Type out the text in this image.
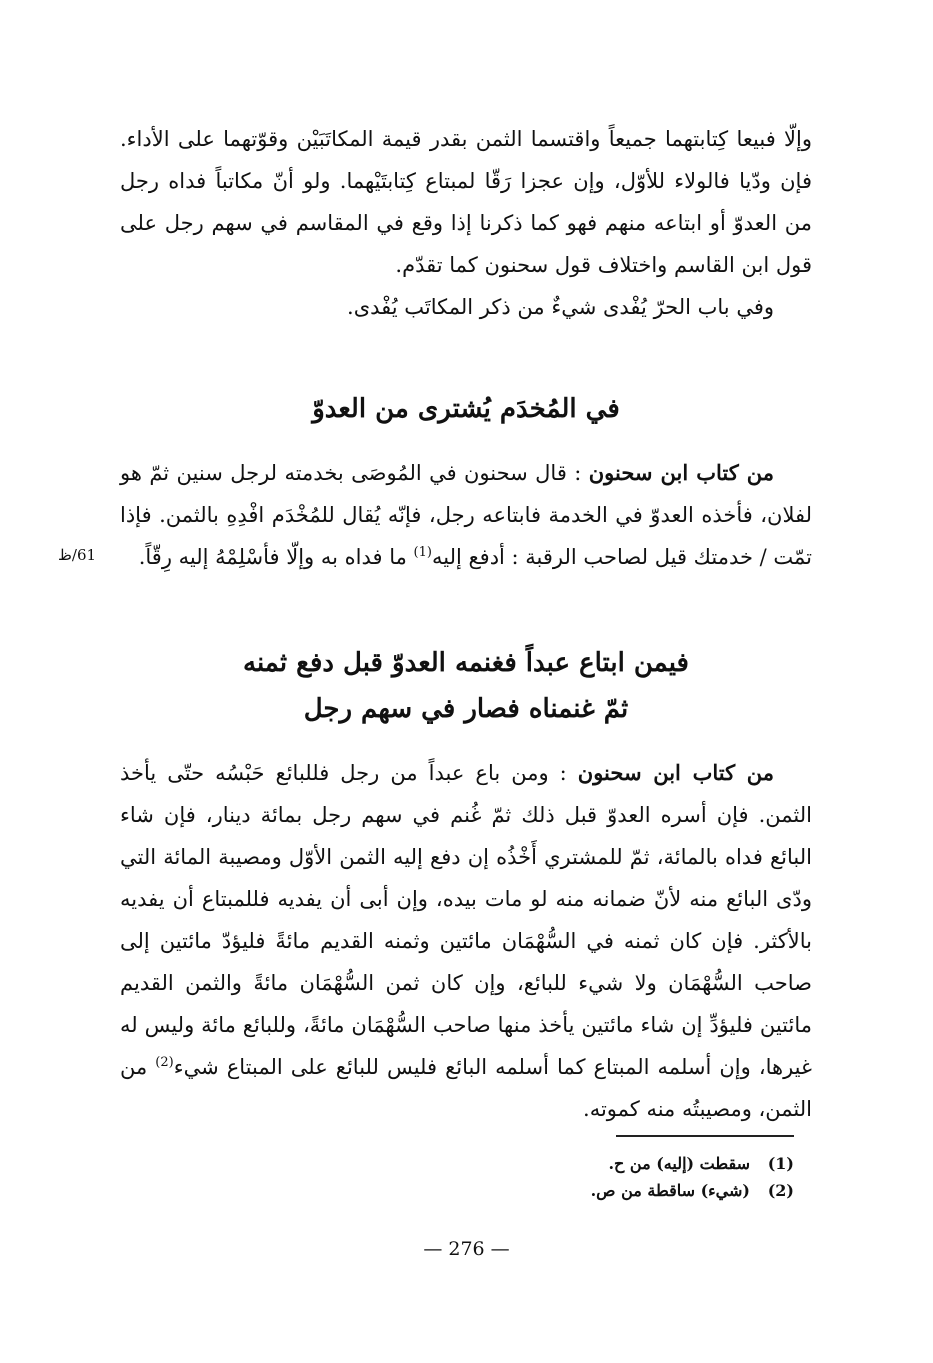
وإلّا فبيعا كِتابتهما جميعاً واقتسما الثمن بقدر قيمة المكاتَبَيْن وقوّتهما على الأداء. فإن ودّيا فالولاء للأوّل، وإن عجزا رَقّا لمبتاع كِتابتَيْهما. ولو أنّ مكاتباً فداه رجل من العدوّ أو ابتاعه منهم فهو كما ذكرنا إذا وقع في المقاسم في سهم رجل على قول ابن القاسم واختلاف قول سحنون كما تقدّم.

وفي باب الحرّ يُفْدى شيءٌ من ذكر المكاتَب يُفْدى.

في المُخدَم يُشترى من العدوّ

من كتاب ابن سحنون : قال سحنون في المُوصَى بخدمته لرجل سنين ثمّ هو لفلان، فأخذه العدوّ في الخدمة فابتاعه رجل، فإنّه يُقال للمُخْدَم افْدِهِ بالثمن. فإذا تمّت / خدمتك قيل لصاحب الرقبة : أدفع إليه$^{(1)}$ ما فداه به وإلّا فأسْلِمْهُ إليه رِقّاً.

61/ظ
فيمن ابتاع عبداً فغنمه العدوّ قبل دفع ثمنه
ثمّ غنمناه فصار في سهم رجل

من كتاب ابن سحنون : ومن باع عبداً من رجل فللبائع حَبْسُه حتّى يأخذ الثمن. فإن أسره العدوّ قبل ذلك ثمّ غُنم في سهم رجل بمائة دينار، فإن شاء البائع فداه بالمائة، ثمّ للمشتري أَخْذُه إن دفع إليه الثمن الأوّل ومصيبة المائة التي ودّى البائع منه لأنّ ضمانه منه لو مات بيده، وإن أبى أن يفديه فللمبتاع أن يفديه بالأكثر. فإن كان ثمنه في السُّهْمَان مائتين وثمنه القديم مائةً فليؤدّ مائتين إلى صاحب السُّهْمَان ولا شيء للبائع، وإن كان ثمن السُّهْمَان مائةً والثمن القديم مائتين فليؤدِّ إن شاء مائتين يأخذ منها صاحب السُّهْمَان مائةً، وللبائع مائة وليس له غيرها، وإن أسلمه المبتاع كما أسلمه البائع فليس للبائع على المبتاع شيء$^{(2)}$ من الثمن، ومصيبتُه منه كموته.

(1)
سقطت (إليه) من ح.
(2)
(شيء) ساقطة من ص.
— 276 —
